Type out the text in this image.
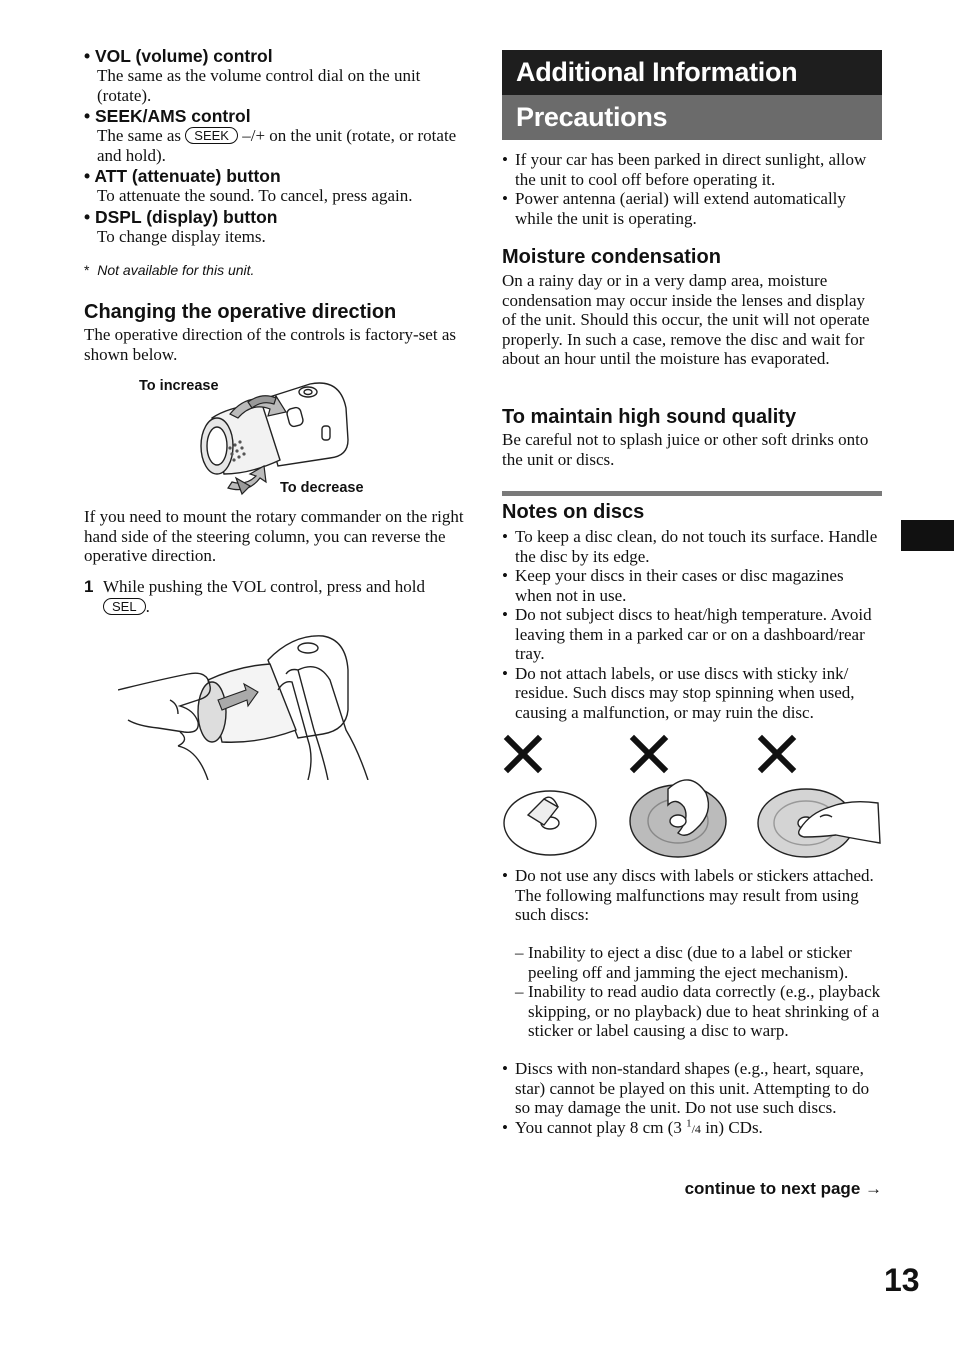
• VOL (volume) control
The same as the volume control dial on the unit (rotate).
• SEEK/AMS control
The same as SEEK –/+ on the unit (rotate, or rotate and hold).
• ATT (attenuate) button
To attenuate the sound. To cancel, press again.
• DSPL (display) button
To change display items.
* Not available for this unit.
Changing the operative direction
The operative direction of the controls is factory-set as shown below.
To increase
To decrease
If you need to mount the rotary commander on the right hand side of the steering column, you can reverse the operative direction.
1 While pushing the VOL control, press and hold SEL .
Additional Information
Precautions
• If your car has been parked in direct sunlight, allow the unit to cool off before operating it.
• Power antenna (aerial) will extend automatically while the unit is operating.
Moisture condensation
On a rainy day or in a very damp area, moisture condensation may occur inside the lenses and display of the unit. Should this occur, the unit will not operate properly. In such a case, remove the disc and wait for about an hour until the moisture has evaporated.
To maintain high sound quality
Be careful not to splash juice or other soft drinks onto the unit or discs.
Notes on discs
• To keep a disc clean, do not touch its surface. Handle the disc by its edge.
• Keep your discs in their cases or disc magazines when not in use.
• Do not subject discs to heat/high temperature. Avoid leaving them in a parked car or on a dashboard/rear tray.
• Do not attach labels, or use discs with sticky ink/ residue. Such discs may stop spinning when used, causing a malfunction, or may ruin the disc.
• Do not use any discs with labels or stickers attached.
The following malfunctions may result from using such discs:
– Inability to eject a disc (due to a label or sticker peeling off and jamming the eject mechanism).
– Inability to read audio data correctly (e.g., playback skipping, or no playback) due to heat shrinking of a sticker or label causing a disc to warp.
• Discs with non-standard shapes (e.g., heart, square, star) cannot be played on this unit. Attempting to do so may damage the unit. Do not use such discs.
• You cannot play 8 cm (3 $^1$/4 in) CDs.
continue to next page →
13
